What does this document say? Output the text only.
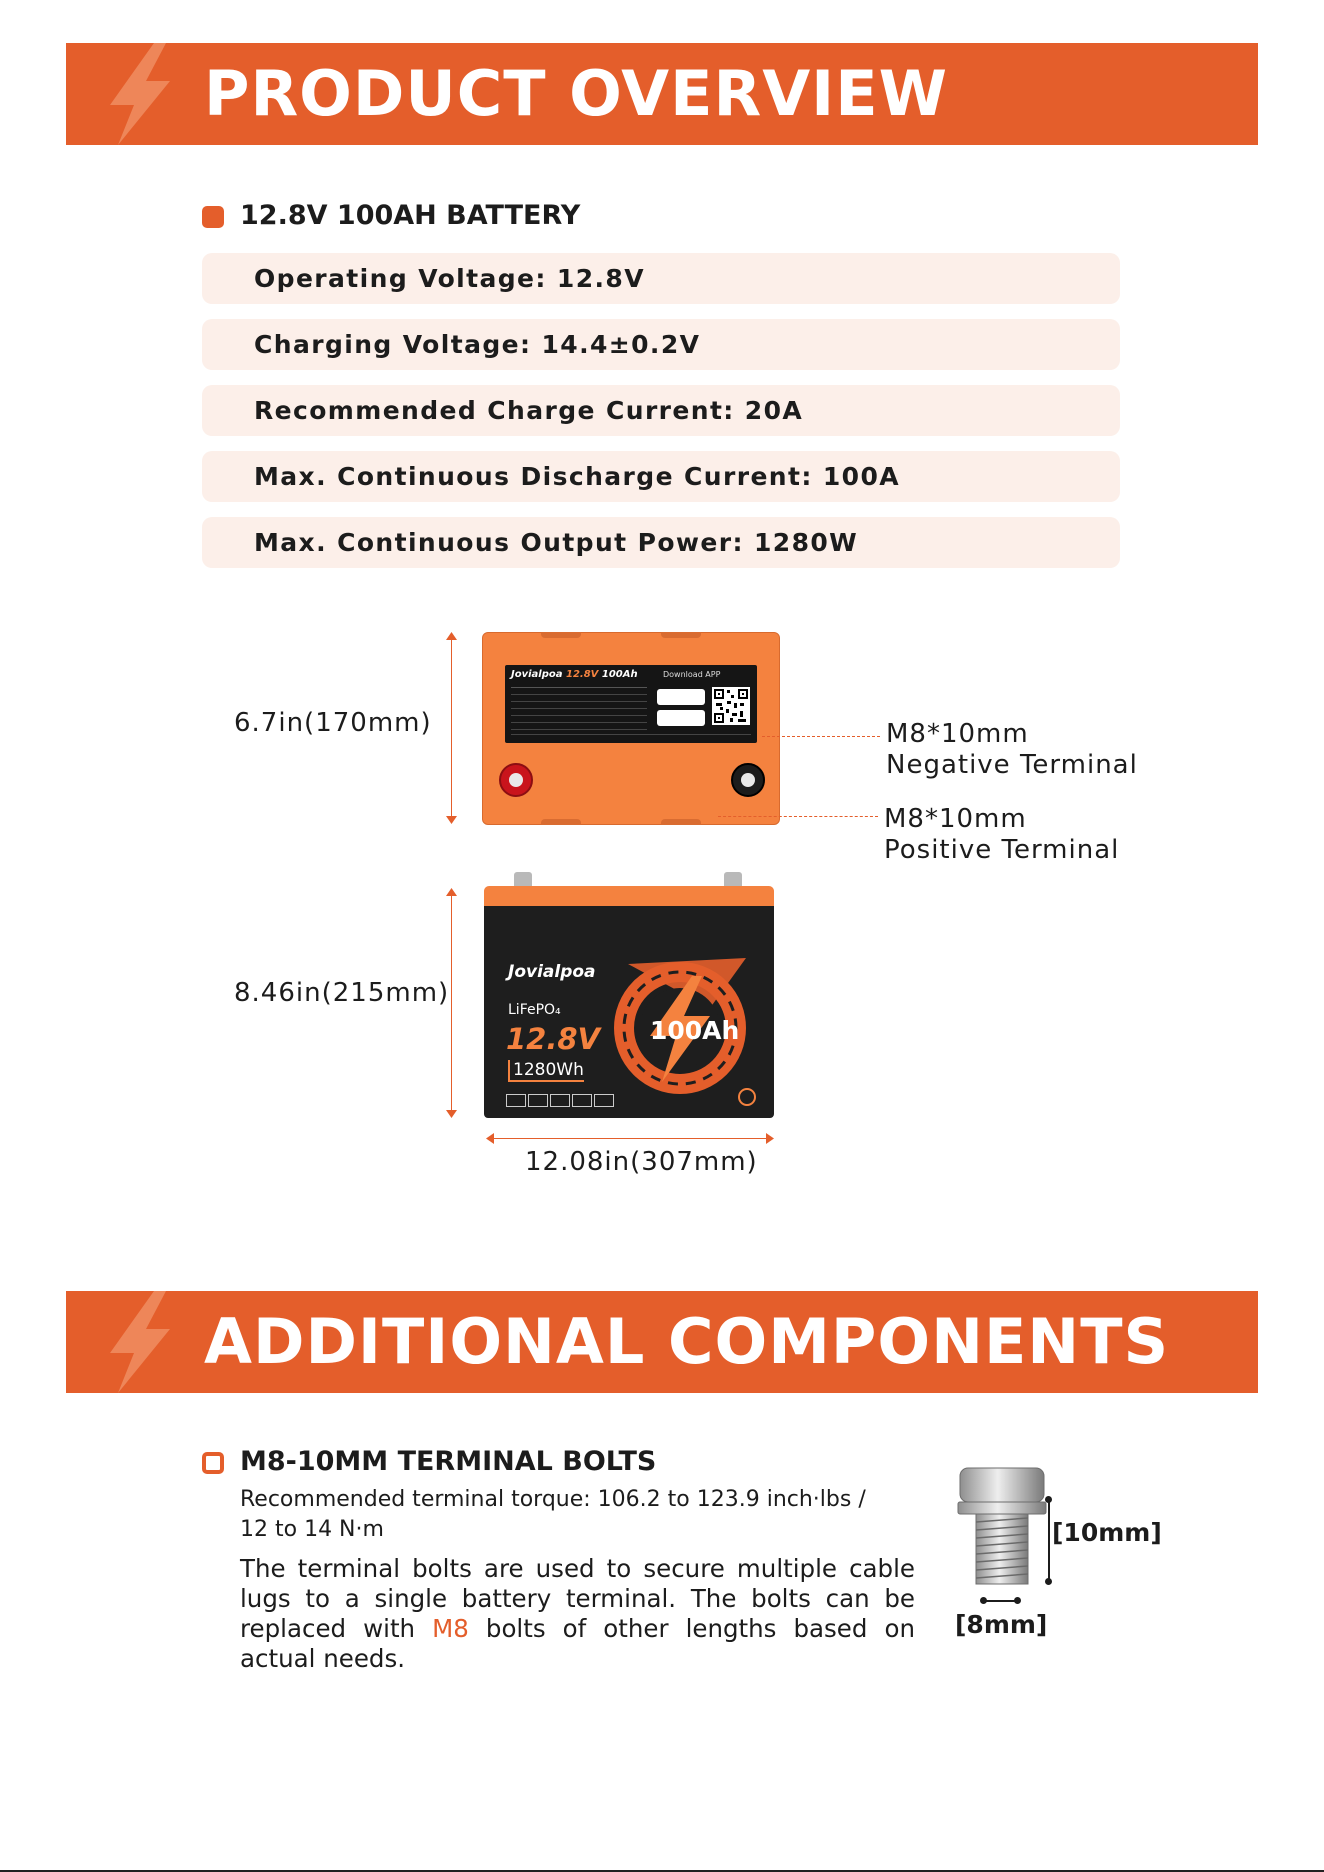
PRODUCT OVERVIEW
12.8V 100AH BATTERY
Operating Voltage: 12.8V
Charging Voltage: 14.4±0.2V
Recommended Charge Current: 20A
Max. Continuous Discharge Current: 100A
Max. Continuous Output Power: 1280W
Jovialpoa 12.8V 100Ah	Download APP
6.7in(170mm)	M8*10mm
Negative Terminal
M8*10mm
Positive Terminal
Jovialpoa
LiFePO₄
12.8V
1280Wh
100Ah
8.46in(215mm)
12.08in(307mm)
ADDITIONAL COMPONENTS
M8-10MM TERMINAL BOLTS
Recommended terminal torque: 106.2 to 123.9 inch·lbs /
12 to 14 N·m
The terminal bolts are used to secure multiple cable lugs to a single battery terminal. The bolts can be replaced with M8 bolts of other lengths based on actual needs.
[10mm]
[8mm]
